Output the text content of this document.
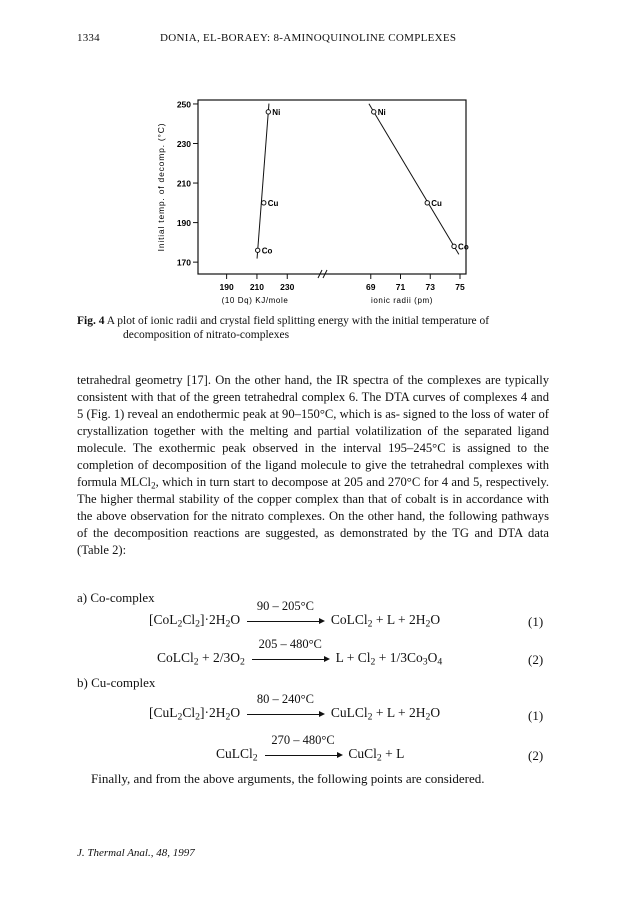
1334	DONIA, EL-BORAEY: 8-AMINOQUINOLINE COMPLEXES
250
230
210
190
170
Initial temp. of decomp. (°C)
190 210 230
(10 Dq) KJ/mole
69 71 73 75
ionic radii (pm)
Ni
Cu
Co
Ni
Cu
Co
Fig. 4 A plot of ionic radii and crystal field splitting energy with the initial temperature of
decomposition of nitrato-complexes
tetrahedral geometry [17]. On the other hand, the IR spectra of the complexes are typically consistent with that of the green tetrahedral complex 6. The DTA curves of complexes 4 and 5 (Fig. 1) reveal an endothermic peak at 90–150°C, which is as- signed to the loss of water of crystallization together with the melting and partial volatilization of the separated ligand molecule. The exothermic peak observed in the interval 195–245°C is assigned to the completion of decomposition of the ligand molecule to give the tetrahedral complexes with formula MLCl$_2$, which in turn start to decompose at 205 and 270°C for 4 and 5, respectively. The higher thermal stability of the copper complex than that of cobalt is in accordance with the above observation for the nitrato complexes. On the other hand, the following pathways of the decomposition reactions are suggested, as demonstrated by the TG and DTA data (Table 2):
a) Co-complex
$[CoL_2Cl_2]\cdot 2H_2O$
90 – 205°C
CoLCl$_2$ + $L + 2H_2O$	(1)
CoLCl$_2$ + $2/3O_2$
205 – 480°C
$L + Cl_2 + 1/3Co_3O_4$	(2)
b) Cu-complex
$[CuL_2Cl_2]\cdot 2H_2O$
80 – 240°C
CuLCl$_2$ + $L + 2H_2O$	(1)
CuLCl$_2$
270 – 480°C
CuCl$_2$ + L	(2)
Finally, and from the above arguments, the following points are considered.
J. Thermal Anal., 48, 1997
